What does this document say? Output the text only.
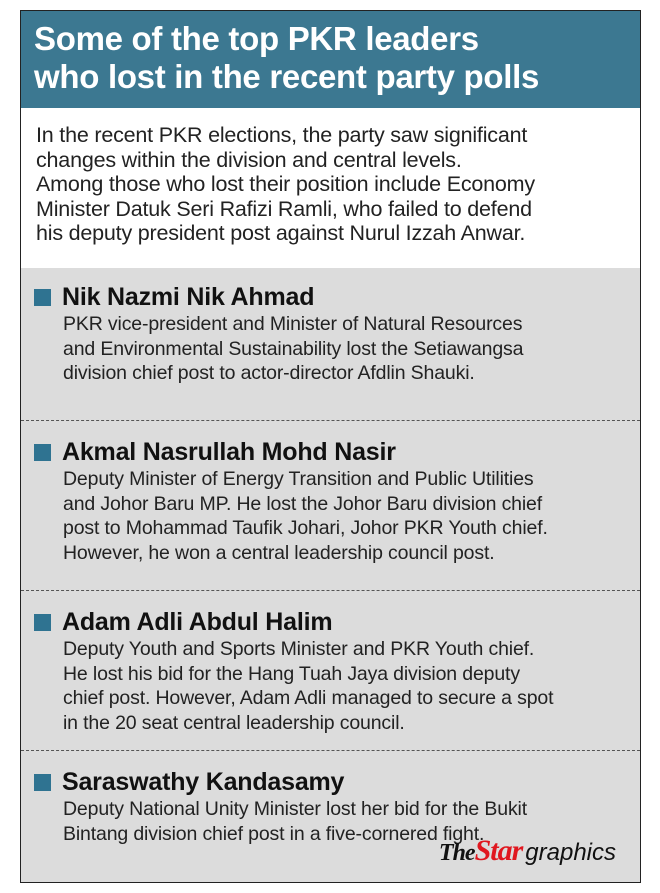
Some of the top PKR leaders
who lost in the recent party polls
In the recent PKR elections, the party saw significant
changes within the division and central levels.
Among those who lost their position include Economy
Minister Datuk Seri Rafizi Ramli, who failed to defend
his deputy president post against Nurul Izzah Anwar.
Nik Nazmi Nik Ahmad
PKR vice-president and Minister of Natural Resources
and Environmental Sustainability lost the Setiawangsa
division chief post to actor-director Afdlin Shauki.
Akmal Nasrullah Mohd Nasir
Deputy Minister of Energy Transition and Public Utilities
and Johor Baru MP. He lost the Johor Baru division chief
post to Mohammad Taufik Johari, Johor PKR Youth chief.
However, he won a central leadership council post.
Adam Adli Abdul Halim
Deputy Youth and Sports Minister and PKR Youth chief.
He lost his bid for the Hang Tuah Jaya division deputy
chief post. However, Adam Adli managed to secure a spot
in the 20 seat central leadership council.
Saraswathy Kandasamy
Deputy National Unity Minister lost her bid for the Bukit
Bintang division chief post in a five-cornered fight.
The Star graphics
